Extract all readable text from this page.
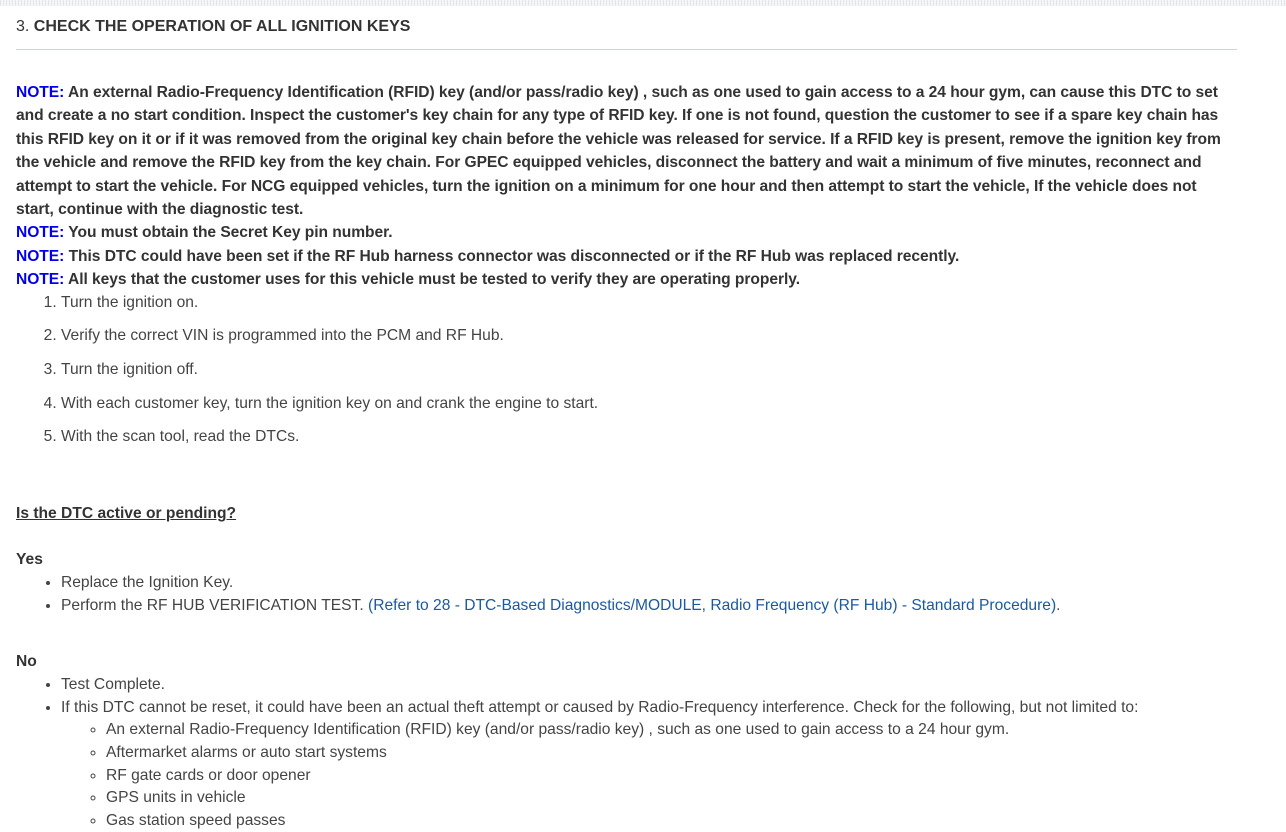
3. CHECK THE OPERATION OF ALL IGNITION KEYS
NOTE: An external Radio-Frequency Identification (RFID) key (and/or pass/radio key) , such as one used to gain access to a 24 hour gym, can cause this DTC to set and create a no start condition. Inspect the customer's key chain for any type of RFID key. If one is not found, question the customer to see if a spare key chain has this RFID key on it or if it was removed from the original key chain before the vehicle was released for service. If a RFID key is present, remove the ignition key from the vehicle and remove the RFID key from the key chain. For GPEC equipped vehicles, disconnect the battery and wait a minimum of five minutes, reconnect and attempt to start the vehicle. For NCG equipped vehicles, turn the ignition on a minimum for one hour and then attempt to start the vehicle, If the vehicle does not start, continue with the diagnostic test.
NOTE: You must obtain the Secret Key pin number.
NOTE: This DTC could have been set if the RF Hub harness connector was disconnected or if the RF Hub was replaced recently.
NOTE: All keys that the customer uses for this vehicle must be tested to verify they are operating properly.
1. Turn the ignition on.
2. Verify the correct VIN is programmed into the PCM and RF Hub.
3. Turn the ignition off.
4. With each customer key, turn the ignition key on and crank the engine to start.
5. With the scan tool, read the DTCs.
Is the DTC active or pending?
Yes
• Replace the Ignition Key.
• Perform the RF HUB VERIFICATION TEST. (Refer to 28 - DTC-Based Diagnostics/MODULE, Radio Frequency (RF Hub) - Standard Procedure).
No
• Test Complete.
• If this DTC cannot be reset, it could have been an actual theft attempt or caused by Radio-Frequency interference. Check for the following, but not limited to:
◦ An external Radio-Frequency Identification (RFID) key (and/or pass/radio key) , such as one used to gain access to a 24 hour gym.
◦ Aftermarket alarms or auto start systems
◦ RF gate cards or door opener
◦ GPS units in vehicle
◦ Gas station speed passes
